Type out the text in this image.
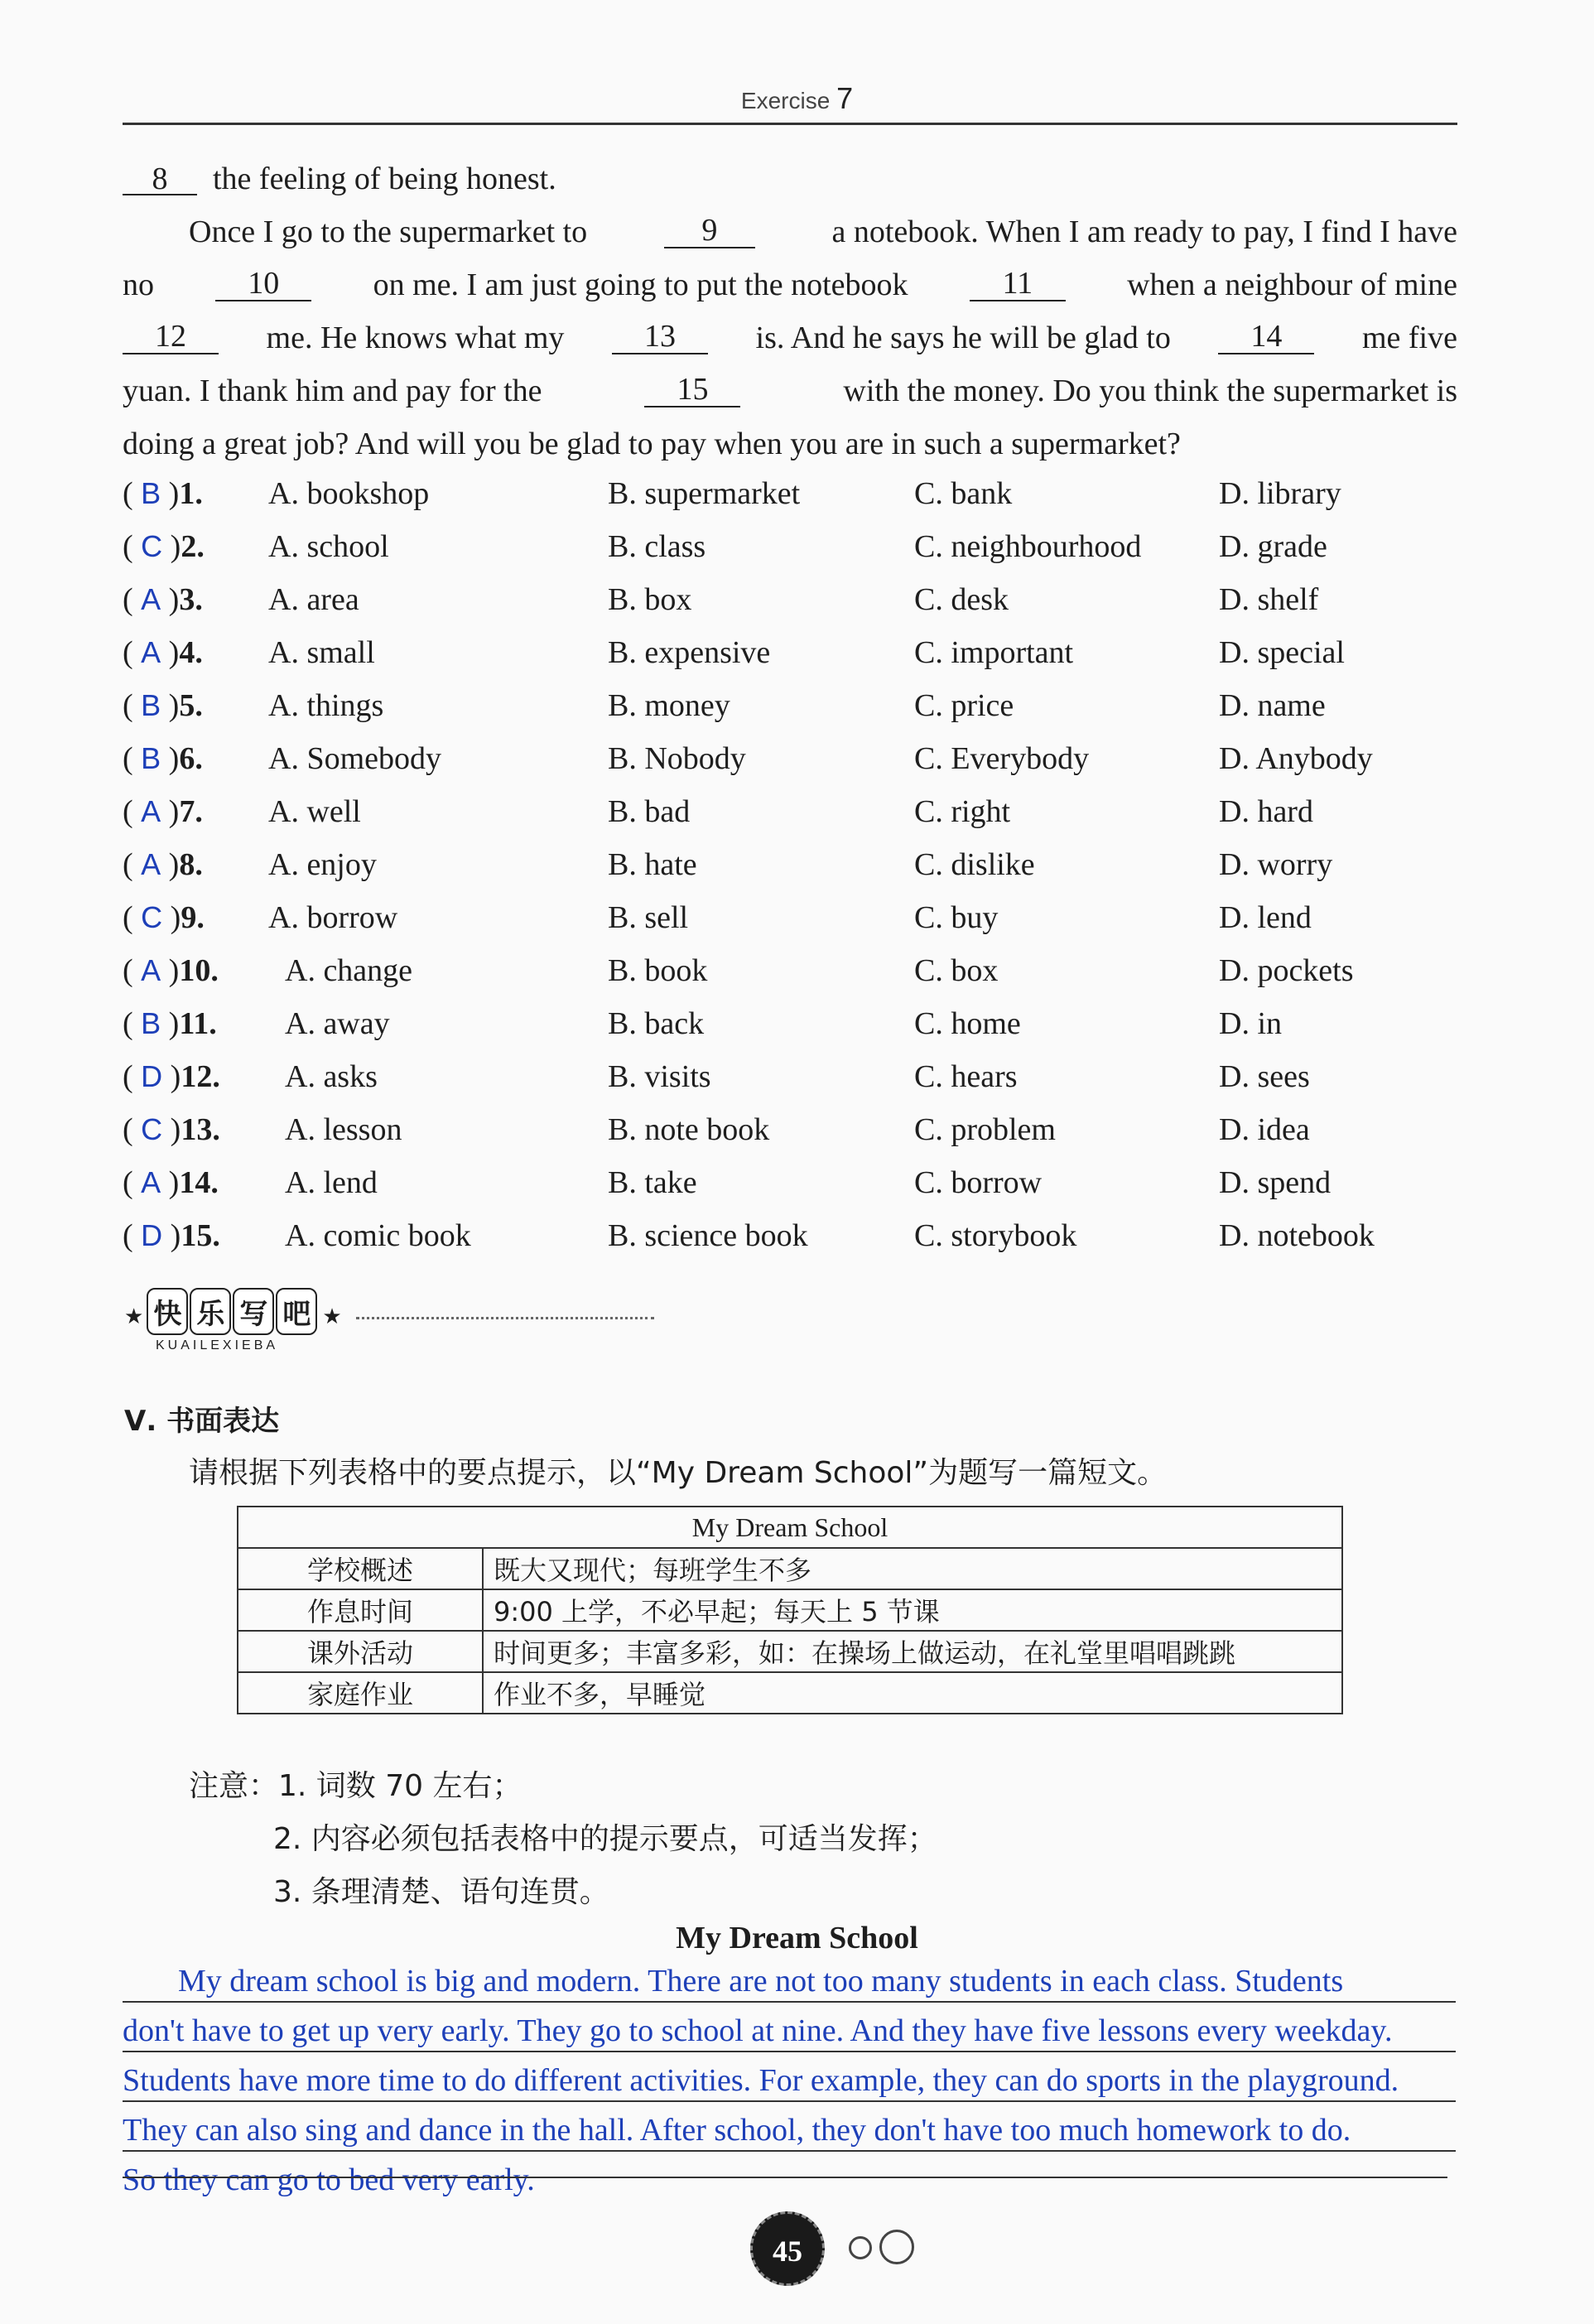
Exercise 7
8 the feeling of being honest.
Once I go to the supermarket to	9	a notebook. When I am ready to pay, I find I have
no	10	on me. I am just going to put the notebook	11	when a neighbour of mine
12	me. He knows what my	13	is. And he says he will be glad to	14	me five
yuan. I thank him and pay for the	15	with the money. Do you think the supermarket is
doing a great job? And will you be glad to pay when you are in such a supermarket?
( B )1. A. bookshop	B. supermarket	C. bank	D. library
( C )2. A. school	B. class	C. neighbourhood D. grade
( A )3. A. area	B. box	C. desk	D. shelf
( A )4. A. small	B. expensive	C. important	D. special
( B )5. A. things	B. money	C. price	D. name
( B )6. A. Somebody	B. Nobody	C. Everybody	D. Anybody
( A )7. A. well	B. bad	C. right	D. hard
( A )8. A. enjoy	B. hate	C. dislike	D. worry
( C )9. A. borrow	B. sell	C. buy	D. lend
( A )10. A. change	B. book	C. box	D. pockets
( B )11. A. away	B. back	C. home	D. in
( D )12. A. asks	B. visits	C. hears	D. sees
( C )13. A. lesson	B. note book	C. problem	D. idea
( A )14. A. lend	B. take	C. borrow	D. spend
( D )15. A. comic book	B. science book	C. storybook	D. notebook
★ 快 乐 写 吧 ★
KUAILEXIEBA
Ⅴ. 书面表达
请根据下列表格中的要点提示，以“My Dream School”为题写一篇短文。
My Dream School	
学校概述	既大又现代；每班学生不多
作息时间	9:00 上学，不必早起；每天上 5 节课
课外活动	时间更多；丰富多彩，如：在操场上做运动，在礼堂里唱唱跳跳
家庭作业	作业不多，早睡觉
注意：1. 词数 70 左右；
2. 内容必须包括表格中的提示要点，可适当发挥；
3. 条理清楚、语句连贯。
My Dream School
My dream school is big and modern. There are not too many students in each class. Students
don't have to get up very early. They go to school at nine. And they have five lessons every weekday.
Students have more time to do different activities. For example, they can do sports in the playground.
They can also sing and dance in the hall. After school, they don't have too much homework to do.
So they can go to bed very early.
45
